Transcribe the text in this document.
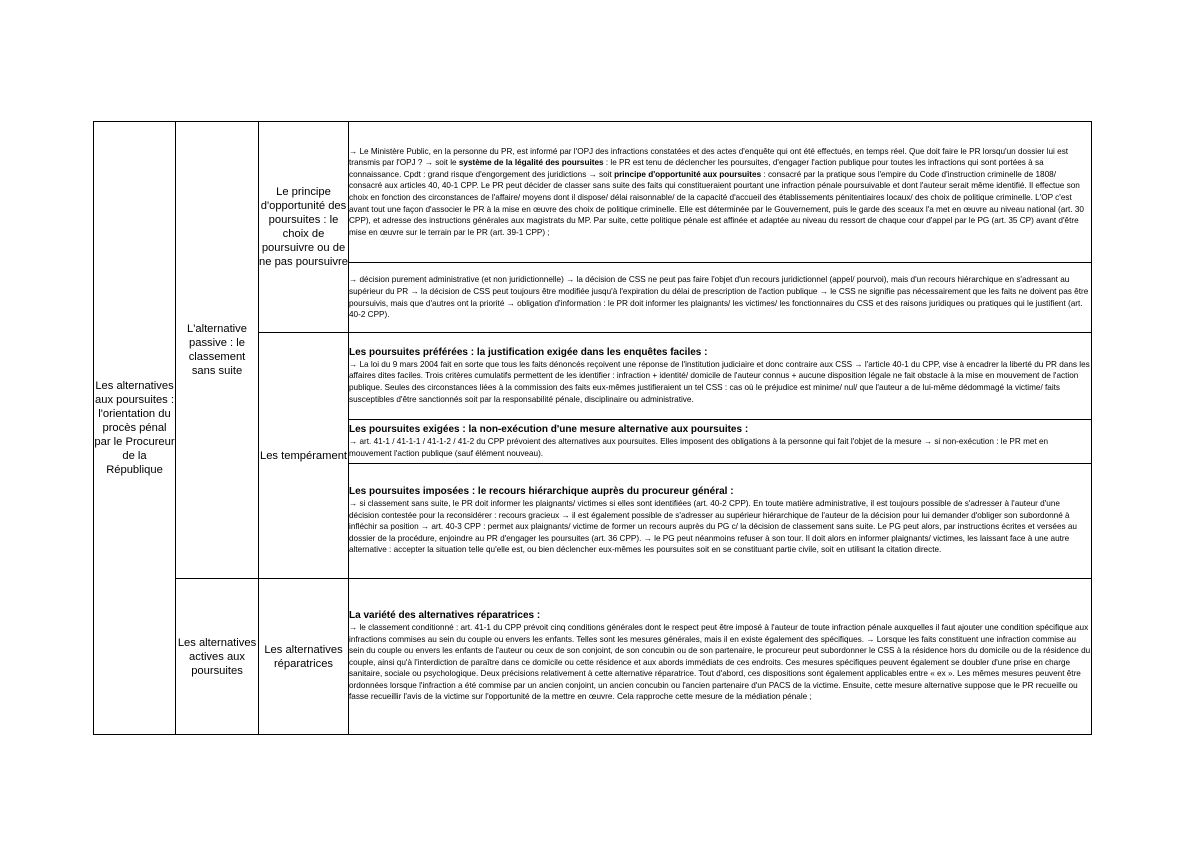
Les alternatives aux poursuites : l'orientation du procès pénal par le Procureur de la République	L'alternative passive : le classement sans suite	Le principe d'opportunité des poursuites : le choix de poursuivre ou de ne pas poursuivre	→ Le Ministère Public, en la personne du PR, est informé par l'OPJ des infractions constatées et des actes d'enquête qui ont été effectués, en temps réel. Que doit faire le PR lorsqu'un dossier lui est transmis par l'OPJ ? → soit le système de la légalité des poursuites : le PR est tenu de déclencher les poursuites, d'engager l'action publique pour toutes les infractions qui sont portées à sa connaissance. Cpdt : grand risque d'engorgement des juridictions → soit principe d'opportunité aux poursuites : consacré par la pratique sous l'empire du Code d'instruction criminelle de 1808/ consacré aux articles 40, 40-1 CPP. Le PR peut décider de classer sans suite des faits qui constitueraient pourtant une infraction pénale poursuivable et dont l'auteur serait même identifié. Il effectue son choix en fonction des circonstances de l'affaire/ moyens dont il dispose/ délai raisonnable/ de la capacité d'accueil des établissements pénitentiaires locaux/ des choix de politique criminelle. L'OP c'est avant tout une façon d'associer le PR à la mise en œuvre des choix de politique criminelle. Elle est déterminée par le Gouvernement, puis le garde des sceaux l'a met en œuvre au niveau national (art. 30 CPP), et adresse des instructions générales aux magistrats du MP. Par suite, cette politique pénale est affinée et adaptée au niveau du ressort de chaque cour d'appel par le PG (art. 35 CP) avant d'être mise en œuvre sur le terrain par le PR (art. 39-1 CPP) ;

			→ décision purement administrative (et non juridictionnelle) → la décision de CSS ne peut pas faire l'objet d'un recours juridictionnel (appel/ pourvoi), mais d'un recours hiérarchique en s'adressant au supérieur du PR → la décision de CSS peut toujours être modifiée jusqu'à l'expiration du délai de prescription de l'action publique → le CSS ne signifie pas nécessairement que les faits ne doivent pas être poursuivis, mais que d'autres ont la priorité → obligation d'information : le PR doit informer les plaignants/ les victimes/ les fonctionnaires du CSS et des raisons juridiques ou pratiques qui le justifient (art. 40-2 CPP).

		Les tempérament	Les poursuites préférées : la justification exigée dans les enquêtes faciles :

→ La loi du 9 mars 2004 fait en sorte que tous les faits dénoncés reçoivent une réponse de l'institution judiciaire et donc contraire aux CSS → l'article 40-1 du CPP, vise à encadrer la liberté du PR dans les affaires dites faciles. Trois critères cumulatifs permettent de les identifier : infraction + identité/ domicile de l'auteur connus + aucune disposition légale ne fait obstacle à la mise en mouvement de l'action publique. Seules des circonstances liées à la commission des faits eux-mêmes justifieraient un tel CSS : cas où le préjudice est minime/ nul/ que l'auteur a de lui-même dédommagé la victime/ faits susceptibles d'être sanctionnés soit par la responsabilité pénale, disciplinaire ou administrative.

			Les poursuites exigées : la non-exécution d'une mesure alternative aux poursuites :

→ art. 41-1 / 41-1-1 / 41-1-2 / 41-2 du CPP prévoient des alternatives aux poursuites. Elles imposent des obligations à la personne qui fait l'objet de la mesure → si non-exécution : le PR met en mouvement l'action publique (sauf élément nouveau).

			Les poursuites imposées : le recours hiérarchique auprès du procureur général :

→ si classement sans suite, le PR doit informer les plaignants/ victimes si elles sont identifiées (art. 40-2 CPP). En toute matière administrative, il est toujours possible de s'adresser à l'auteur d'une décision contestée pour la reconsidérer : recours gracieux → il est également possible de s'adresser au supérieur hiérarchique de l'auteur de la décision pour lui demander d'obliger son subordonné à infléchir sa position → art. 40-3 CPP : permet aux plaignants/ victime de former un recours auprès du PG c/ la décision de classement sans suite. Le PG peut alors, par instructions écrites et versées au dossier de la procédure, enjoindre au PR d'engager les poursuites (art. 36 CPP). → le PG peut néanmoins refuser à son tour. Il doit alors en informer plaignants/ victimes, les laissant face à une autre alternative : accepter la situation telle qu'elle est, ou bien déclencher eux-mêmes les poursuites soit en se constituant partie civile, soit en utilisant la citation directe.

	Les alternatives actives aux poursuites	Les alternatives réparatrices	La variété des alternatives réparatrices :

→ le classement conditionné : art. 41-1 du CPP prévoit cinq conditions générales dont le respect peut être imposé à l'auteur de toute infraction pénale auxquelles il faut ajouter une condition spécifique aux infractions commises au sein du couple ou envers les enfants. Telles sont les mesures générales, mais il en existe également des spécifiques. → Lorsque les faits constituent une infraction commise au sein du couple ou envers les enfants de l'auteur ou ceux de son conjoint, de son concubin ou de son partenaire, le procureur peut subordonner le CSS à la résidence hors du domicile ou de la résidence du couple, ainsi qu'à l'interdiction de paraître dans ce domicile ou cette résidence et aux abords immédiats de ces endroits. Ces mesures spécifiques peuvent également se doubler d'une prise en charge sanitaire, sociale ou psychologique. Deux précisions relativement à cette alternative réparatrice. Tout d'abord, ces dispositions sont également applicables entre « ex ». Les mêmes mesures peuvent être ordonnées lorsque l'infraction a été commise par un ancien conjoint, un ancien concubin ou l'ancien partenaire d'un PACS de la victime. Ensuite, cette mesure alternative suppose que le PR recueille ou fasse recueillir l'avis de la victime sur l'opportunité de la mettre en œuvre. Cela rapproche cette mesure de la médiation pénale ;
